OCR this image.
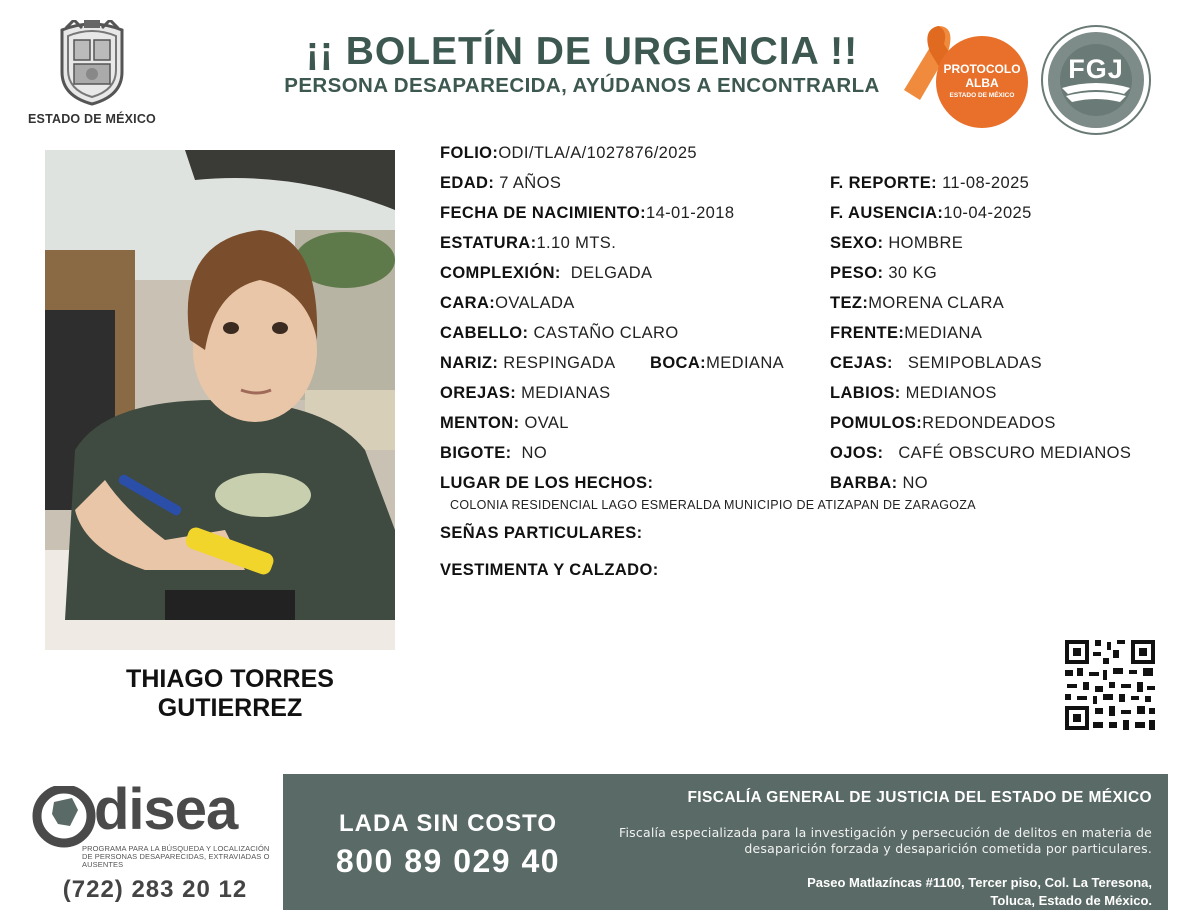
ESTADO DE MÉXICO
¡¡ BOLETÍN DE URGENCIA !!
PERSONA DESAPARECIDA, AYÚDANOS A ENCONTRARLA
PROTOCOLO
ALBA
ESTADO DE MÉXICO
FGJ
THIAGO TORRES
GUTIERREZ
FOLIO:ODI/TLA/A/1027876/2025
EDAD: 7 AÑOS
FECHA DE NACIMIENTO:14-01-2018
ESTATURA:1.10 MTS.
COMPLEXIÓN: DELGADA
CARA:OVALADA
CABELLO: CASTAÑO CLARO
NARIZ: RESPINGADA BOCA:MEDIANA
OREJAS: MEDIANAS
MENTON: OVAL
BIGOTE: NO
LUGAR DE LOS HECHOS:
COLONIA RESIDENCIAL LAGO ESMERALDA MUNICIPIO DE ATIZAPAN DE ZARAGOZA
SEÑAS PARTICULARES:
VESTIMENTA Y CALZADO:
F. REPORTE: 11-08-2025
F. AUSENCIA:10-04-2025
SEXO: HOMBRE
PESO: 30 KG
TEZ:MORENA CLARA
FRENTE:MEDIANA
CEJAS: SEMIPOBLADAS
LABIOS: MEDIANOS
POMULOS:REDONDEADOS
OJOS: CAFÉ OBSCURO MEDIANOS
BARBA: NO
disea
PROGRAMA PARA LA BÚSQUEDA Y LOCALIZACIÓN DE PERSONAS DESAPARECIDAS, EXTRAVIADAS O AUSENTES
(722) 283 20 12
LADA SIN COSTO
800 89 029 40
FISCALÍA GENERAL DE JUSTICIA DEL ESTADO DE MÉXICO
Fiscalía especializada para la investigación y persecución de delitos en materia de desaparición forzada y desaparición cometida por particulares.
Paseo Matlazíncas #1100, Tercer piso, Col. La Teresona,
Toluca, Estado de México.
